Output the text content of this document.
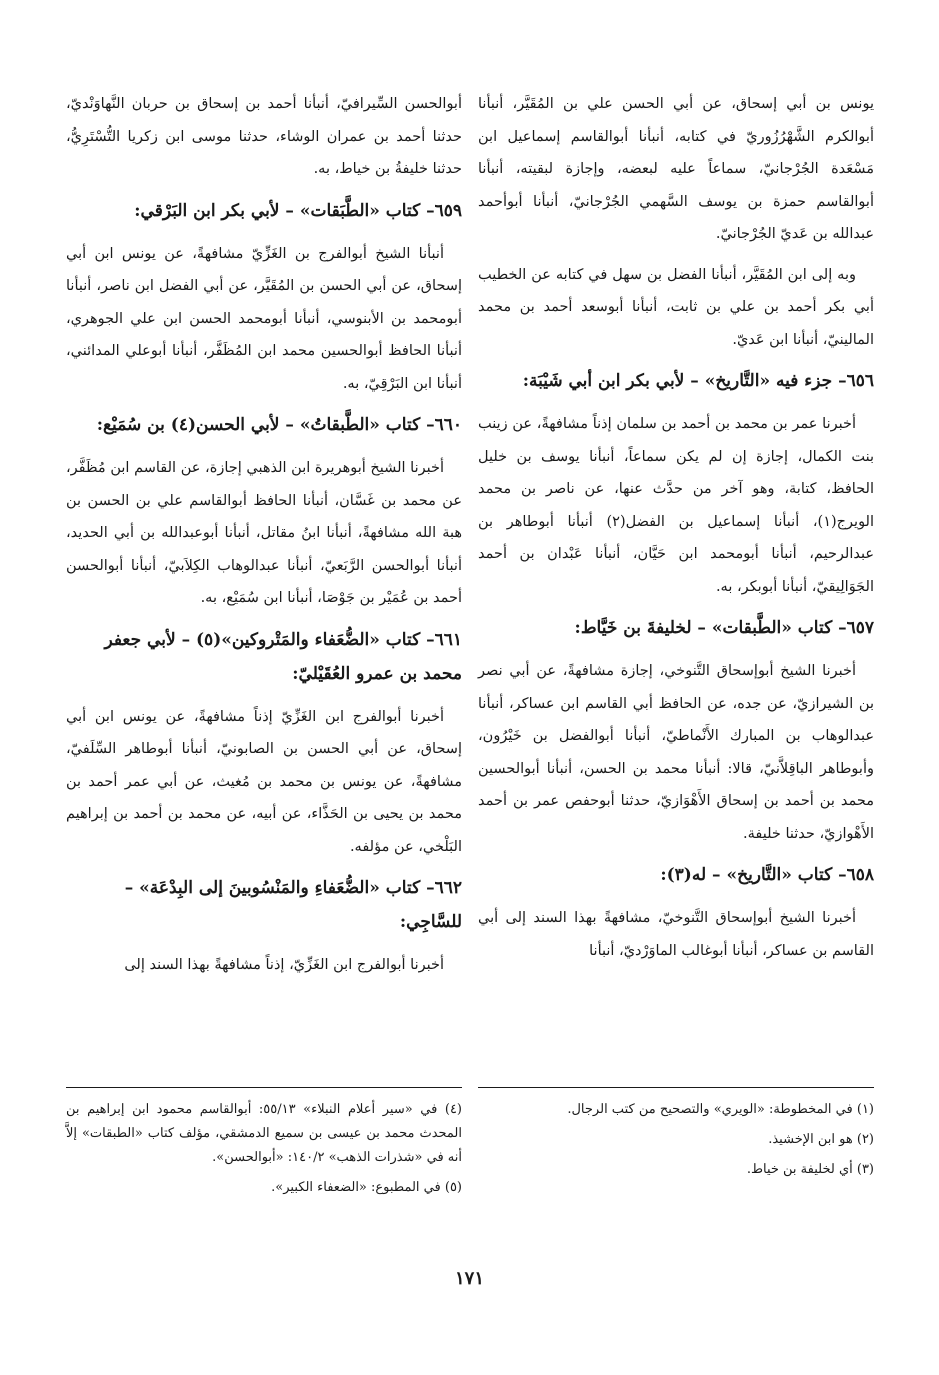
يونس بن أبي إسحاق، عن أبي الحسن علي بن المُقَيَّر، أنبأنا أبوالكرم الشَّهْرُزُوريّ في كتابه، أنبأنا أبوالقاسم إسماعيل ابن مَسْعَدة الجُرْجانيّ، سماعاً عليه لبعضه، وإجازة لبقيته، أنبأنا أبوالقاسم حمزة بن يوسف السَّهمي الجُرْجانيّ، أنبأنا أبوأحمد عبدالله بن عَديّ الجُرْجانيّ.

وبه إلى ابن المُقَيَّر، أنبأنا الفضل بن سهل في كتابه عن الخطيب أبي بكر أحمد بن علي بن ثابت، أنبأنا أبوسعد أحمد بن محمد المالينيّ، أنبأنا ابن عَديّ.

٦٥٦– جزء فيه «التَّاريخ» – لأبي بكر ابن أبي شَيْبَة:

أخبرنا عمر بن محمد بن أحمد بن سلمان إذناً مشافهةً، عن زينب بنت الكمال، إجازة إن لم يكن سماعاً، أنبأنا يوسف بن خليل الحافظ، كتابة، وهو آخر من حدَّث عنها، عن ناصر بن محمد الويرج(١)، أنبأنا إسماعيل بن الفضل(٢) أنبأنا أبوطاهر بن عبدالرحيم، أنبأنا أبومحمد ابن حَيَّان، أنبأنا عَبْدان بن أحمد الجَوَالِيقيّ، أنبأنا أبوبكر، به.

٦٥٧– كتاب «الطَّبقات» – لخليفةَ بن خَيَّاط:

أخبرنا الشيخ أبوإسحاق التَّنوخي، إجازة مشافهةً، عن أبي نصر بن الشيرازيّ، عن جده، عن الحافظ أبي القاسم ابن عساكر، أنبأنا عبدالوهاب بن المبارك الأَنْماطيّ، أنبأنا أبوالفضل بن خَيْرُون، وأبوطاهر الباقِلاَّنيّ، قالا: أنبأنا محمد بن الحسن، أنبأنا أبوالحسين محمد بن أحمد بن إسحاق الأَهْوَازيّ، حدثنا أبوحفص عمر بن أحمد الأَهْوازيّ، حدثنا خليفة.

٦٥٨– كتاب «التَّاريخ» – له(٣):

أخبرنا الشيخ أبوإسحاق التَّنوخيّ، مشافهةً بهذا السند إلى أبي القاسم بن عساكر، أنبأنا أبوغالب الماوَرْديّ، أنبأنا

أبوالحسن السِّيرافيّ، أنبأنا أحمد بن إسحاق بن حربان النَّهاوَنْديّ، حدثنا أحمد بن عمران الوشاء، حدثنا موسى ابن زكريا التُّسْتَرِيُّ، حدثنا خليفةُ بن خياط، به.

٦٥٩– كتاب «الطَّبَقات» – لأبي بكر ابن البَرْقي:

أنبأنا الشيخ أبوالفرج بن الغَزِّيّ مشافهةً، عن يونس ابن أبي إسحاق، عن أبي الحسن بن المُقَيَّر، عن أبي الفضل ابن ناصر، أنبأنا أبومحمد بن الأبنوسي، أنبأنا أبومحمد الحسن ابن علي الجوهري، أنبأنا الحافظ أبوالحسين محمد ابن المُظَفَّر، أنبأنا أبوعلي المدائني، أنبأنا ابن البَرْقِيّ، به.

٦٦٠– كتاب «الطَّبقاتُ» – لأبي الحسن(٤) بن سُمَيْع:

أخبرنا الشيخ أبوهريرة ابن الذهبي إجازة، عن القاسم ابن مُظَفَّر، عن محمد بن غَسَّان، أنبأنا الحافظ أبوالقاسم علي بن الحسن بن هبة الله مشافهةً، أنبأنا ابنُ مقاتل، أنبأنا أبوعبدالله بن أبي الحديد، أنبأنا أبوالحسن الرَّبَعيّ، أنبأنا عبدالوهاب الكِلاَبيّ، أنبأنا أبوالحسن أحمد بن عُمَيْر بن جَوْصَا، أنبأنا ابن سُمَيْع، به.

٦٦١– كتاب «الضُّعَفاء والمَتْروكين»(٥) – لأبي جعفر محمد بن عمرو العُقَيْليّ:

أخبرنا أبوالفرج ابن الغَزِّيّ إذناً مشافهةً، عن يونس ابن أبي إسحاق، عن أبي الحسن بن الصابونيّ، أنبأنا أبوطاهر السِّلَفيّ، مشافهةً، عن يونس بن محمد بن مُغيث، عن أبي عمر أحمد بن محمد بن يحيى بن الحَذَّاء، عن أبيه، عن محمد بن أحمد بن إبراهيم البَلْخي، عن مؤلفه.

٦٦٢– كتاب «الضُّعَفاءِ والمَنْسُوبينَ إلى البِدْعَة» – للسَّاجِي:

أخبرنا أبوالفرج ابن الغَزِّيّ، إذناً مشافهةً بهذا السند إلى

(١) في المخطوطة: «الويري» والتصحيح من كتب الرجال.

(٢) هو ابن الإخشيذ.

(٣) أي لخليفة بن خياط.

(٤) في «سير أعلام النبلاء» ٥٥/١٣: أبوالقاسم محمود ابن إبراهيم بن المحدث محمد بن عيسى بن سميع الدمشقي، مؤلف كتاب «الطبقات» إلاَّ أنه في «شذرات الذهب» ١٤٠/٢: «أبوالحسن».

(٥) في المطبوع: «الضعفاء الكبير».

١٧١
